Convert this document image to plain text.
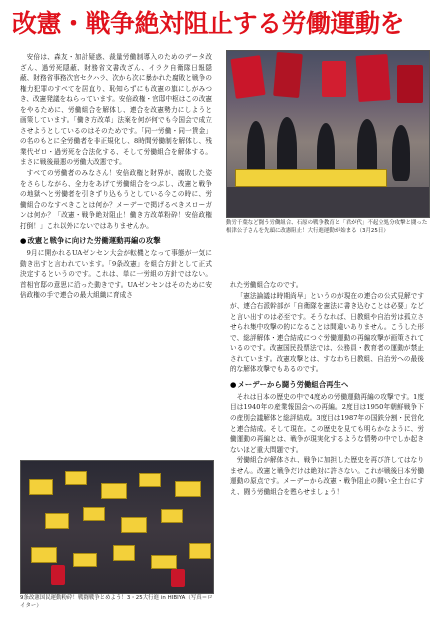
改憲・戦争絶対阻止する労働運動を

安倍は、森友・加計疑惑、裁量労働制導入のためのデータ改ざん、過労死隠蔽、財務省文書改ざん、イラク自衛隊日報隠蔽、財務省事務次官セクハラ、次から次に暴かれた腐敗と戦争の権力犯罪のすべてを居直り、恥知らずにも改憲の旗にしがみつき、改憲発議をねらっています。安倍政権・官邸中枢はこの改憲をやるために、労働組合を解体し、連合を改憲勢力にしようと画策しています。「働き方改革」法案を何が何でも今国会で成立させようとしているのはそのためです。「同一労働・同一賃金」の名のもとに全労働者を非正規化し、8時間労働制を解体し、残業代ゼロ・過労死を合法化する、そして労働組合を解体する。まさに戦後最悪の労働大改悪です。

すべての労働者のみなさん！安倍政権と財界が、腐敗した姿をさらしながら、全力をあげて労働組合をつぶし、改憲と戦争の地獄へと労働者を引きずり込もうとしている今この時に、労働組合のなすべきことは何か？メーデーで掲げるべきスローガンは何か？「改憲・戦争絶対阻止！働き方改革粉砕！安倍政権打倒！」これ以外にないではありませんか。

●改憲と戦争に向けた労働運動再編の攻撃

9月に開かれるUAゼンセン大会が転機となって事態が一気に動き出すと言われています。「9条改憲」を組合方針として正式決定するというのです。これは、単に一労組の方針ではない。首相官邸の意思に沿った動きです。UAゼンセンはそのために安倍政権の手で連合の最大組織に育成さ

動労千葉など闘う労働組合、石原の戦争教育と「君が代」不起立処分攻撃と闘った根津公子さんを先頭に改憲阻止！大行進運動が始まる（3月25日）
9条改憲国民運動粉砕！戦闘戦争とめよう！3・25大行進 in HIBIYA（写真＝ロイター）

れた労働組合なのです。

「憲法論議は時期尚早」というのが現在の連合の公式見解ですが、連合右派幹部が「自衛隊を憲法に書き込むことは必要」などと言い出すのは必至です。そうなれば、日教組や自治労は孤立させられ集中攻撃の的になることは間違いありません。こうした形で、総評解体・連合結成につぐ労働運動の再編攻撃が画策されているのです。改憲国民投票法では、公務員・教育者の運動が禁止されています。改憲攻撃とは、すなわち日教組、自治労への最後的な解体攻撃でもあるのです。

●メーデーから闘う労働組合再生へ

それは日本の歴史の中で4度めの労働運動再編の攻撃です。1度目は1940年の産業報国会への再編。2度目は1950年朝鮮戦争下の産別会議解体と総評結成。3度目は1987年の国鉄分割・民営化と連合結成。そして現在。この歴史を見ても明らかなように、労働運動の再編とは、戦争が現実化するような情勢の中でしか起きないほど重大問題です。

労働組合が解体され、戦争に加担した歴史を再び許してはなりません。改憲と戦争だけは絶対に許さない。これが戦後日本労働運動の原点です。メーデーから改憲・戦争阻止の闘い全土台にすえ、闘う労働組合を甦らせましょう！
